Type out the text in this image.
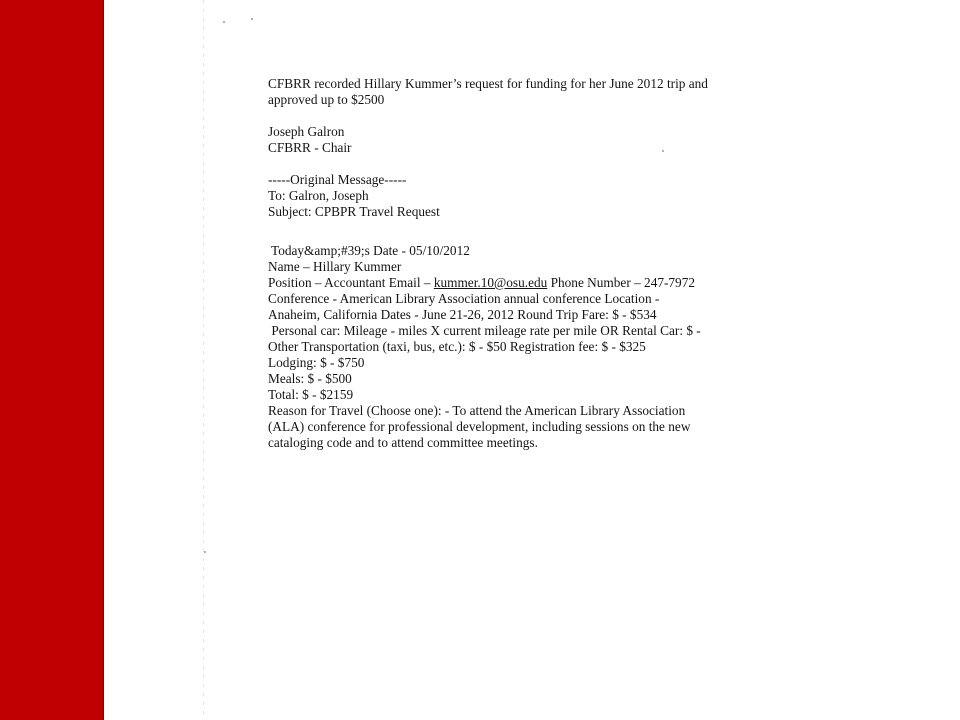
CFBRR recorded Hillary Kummer’s request for funding for her June 2012 trip and

approved up to $2500

Joseph Galron

CFBRR - Chair

-----Original Message-----

To: Galron, Joseph

Subject: CPBPR Travel Request

Today&amp;#39;s Date - 05/10/2012

Name – Hillary Kummer

Position – Accountant Email – kummer.10@osu.edu Phone Number – 247-7972

Conference - American Library Association annual conference Location -

Anaheim, California Dates - June 21-26, 2012 Round Trip Fare: $ - $534

Personal car: Mileage - miles X current mileage rate per mile OR Rental Car: $ -

Other Transportation (taxi, bus, etc.): $ - $50 Registration fee: $ - $325

Lodging: $ - $750

Meals: $ - $500

Total: $ - $2159

Reason for Travel (Choose one): - To attend the American Library Association

(ALA) conference for professional development, including sessions on the new

cataloging code and to attend committee meetings.
